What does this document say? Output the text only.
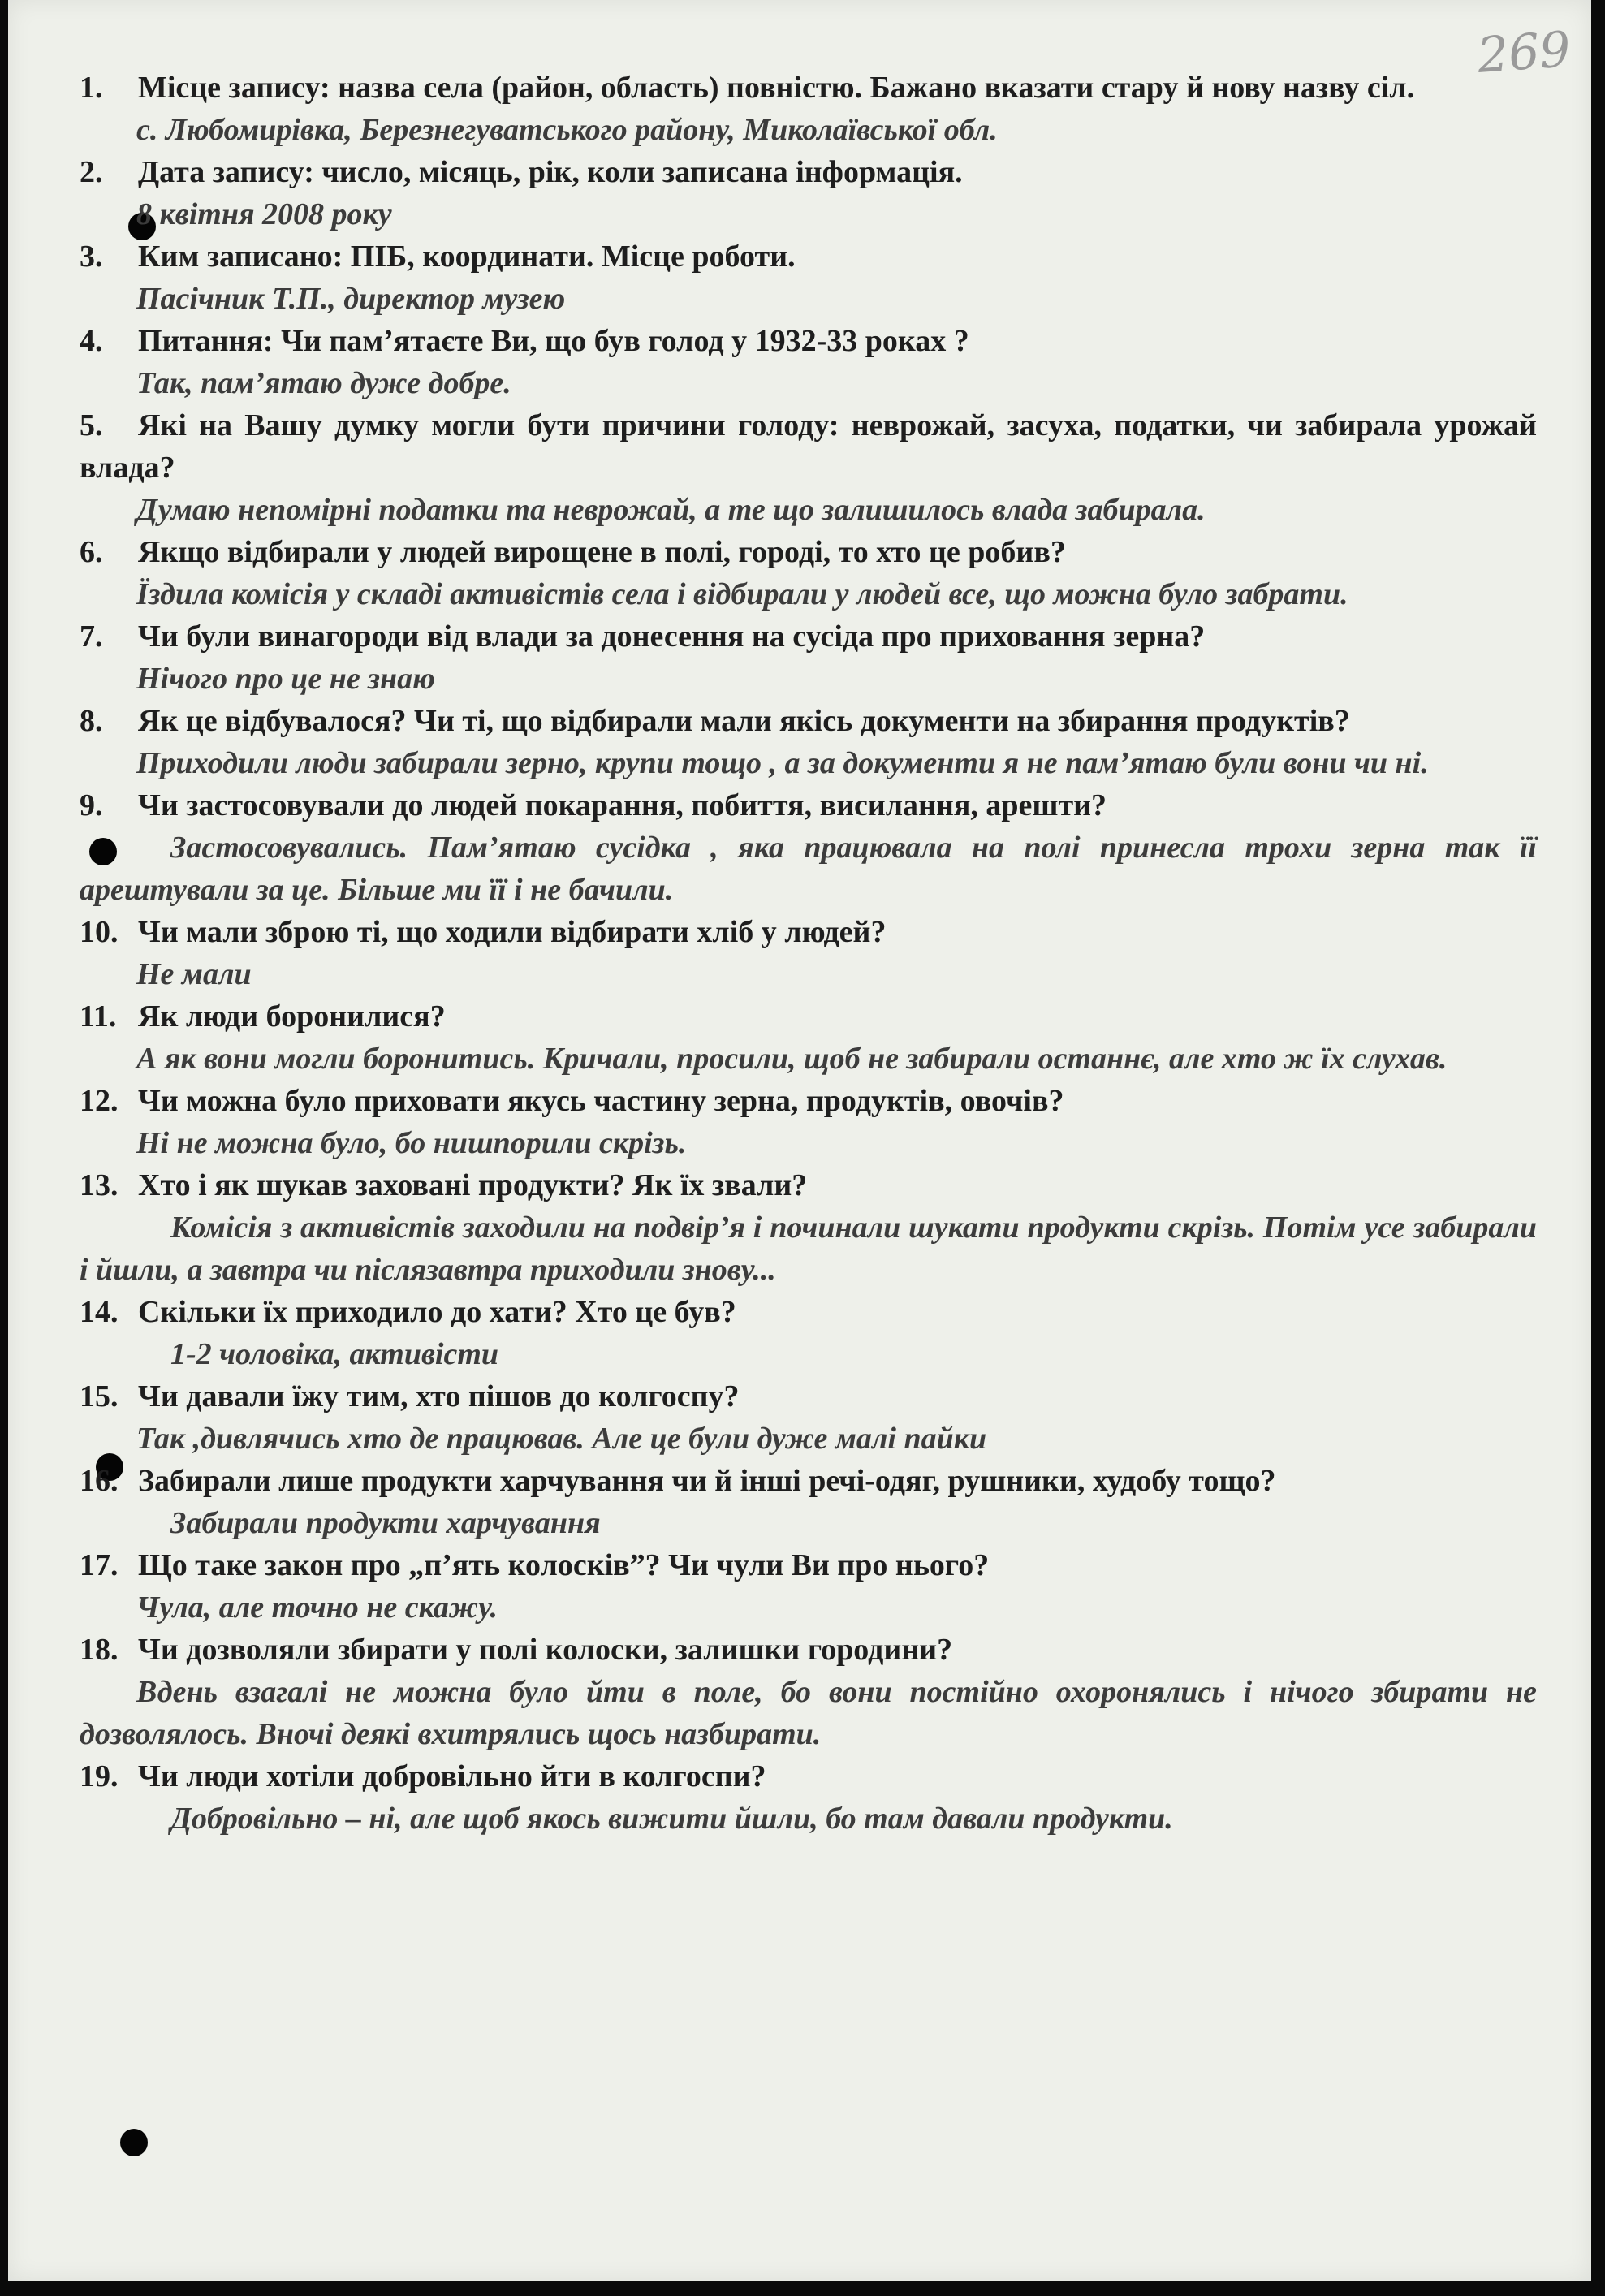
269
1. Місце запису: назва села (район, область) повністю. Бажано вказати стару й нову назву сіл.
с. Любомирівка, Березнегуватського району, Миколаївської обл.
2. Дата запису: число, місяць, рік, коли записана інформація.
8 квітня 2008 року
3. Ким записано: ПІБ, координати. Місце роботи.
Пасічник Т.П., директор музею
4. Питання: Чи пам’ятаєте Ви, що був голод у 1932-33 роках ?
Так, пам’ятаю дуже добре.
5. Які на Вашу думку могли бути причини голоду: неврожай, засуха, податки, чи забирала урожай влада?
Думаю непомірні податки та неврожай, а те що залишилось влада забирала.
6. Якщо відбирали у людей вирощене в полі, городі, то хто це робив?
Їздила комісія у складі активістів села і відбирали у людей все, що можна було забрати.
7. Чи були винагороди від влади за донесення на сусіда про приховання зерна?
Нічого про це не знаю
8. Як це відбувалося? Чи ті, що відбирали мали якісь документи на збирання продуктів?
Приходили люди забирали зерно, крупи тощо , а за документи я не пам’ятаю були вони чи ні.
9. Чи застосовували до людей покарання, побиття, висилання, арешти?
Застосовувались. Пам’ятаю сусідка , яка працювала на полі принесла трохи зерна так її арештували за це. Більше ми її і не бачили.
10. Чи мали зброю ті, що ходили відбирати хліб у людей?
Не мали
11. Як люди боронилися?
А як вони могли боронитись. Кричали, просили, щоб не забирали останнє, але хто ж їх слухав.
12. Чи можна було приховати якусь частину зерна, продуктів, овочів?
Ні не можна було, бо нишпорили скрізь.
13. Хто і як шукав заховані продукти? Як їх звали?
Комісія з активістів заходили на подвір’я і починали шукати продукти скрізь. Потім усе забирали і йшли, а завтра чи післязавтра приходили знову...
14. Скільки їх приходило до хати? Хто це був?
1-2 чоловіка, активісти
15. Чи давали їжу тим, хто пішов до колгоспу?
Так ,дивлячись хто де працював. Але це були дуже малі пайки
16. Забирали лише продукти харчування чи й інші речі-одяг, рушники, худобу тощо?
Забирали продукти харчування
17. Що таке закон про „п’ять колосків”? Чи чули Ви про нього?
Чула, але точно не скажу.
18. Чи дозволяли збирати у полі колоски, залишки городини?
Вдень взагалі не можна було йти в поле, бо вони постійно охоронялись і нічого збирати не дозволялось. Вночі деякі вхитрялись щось назбирати.
19. Чи люди хотіли добровільно йти в колгоспи?
Добровільно – ні, але щоб якось вижити йшли, бо там давали продукти.
